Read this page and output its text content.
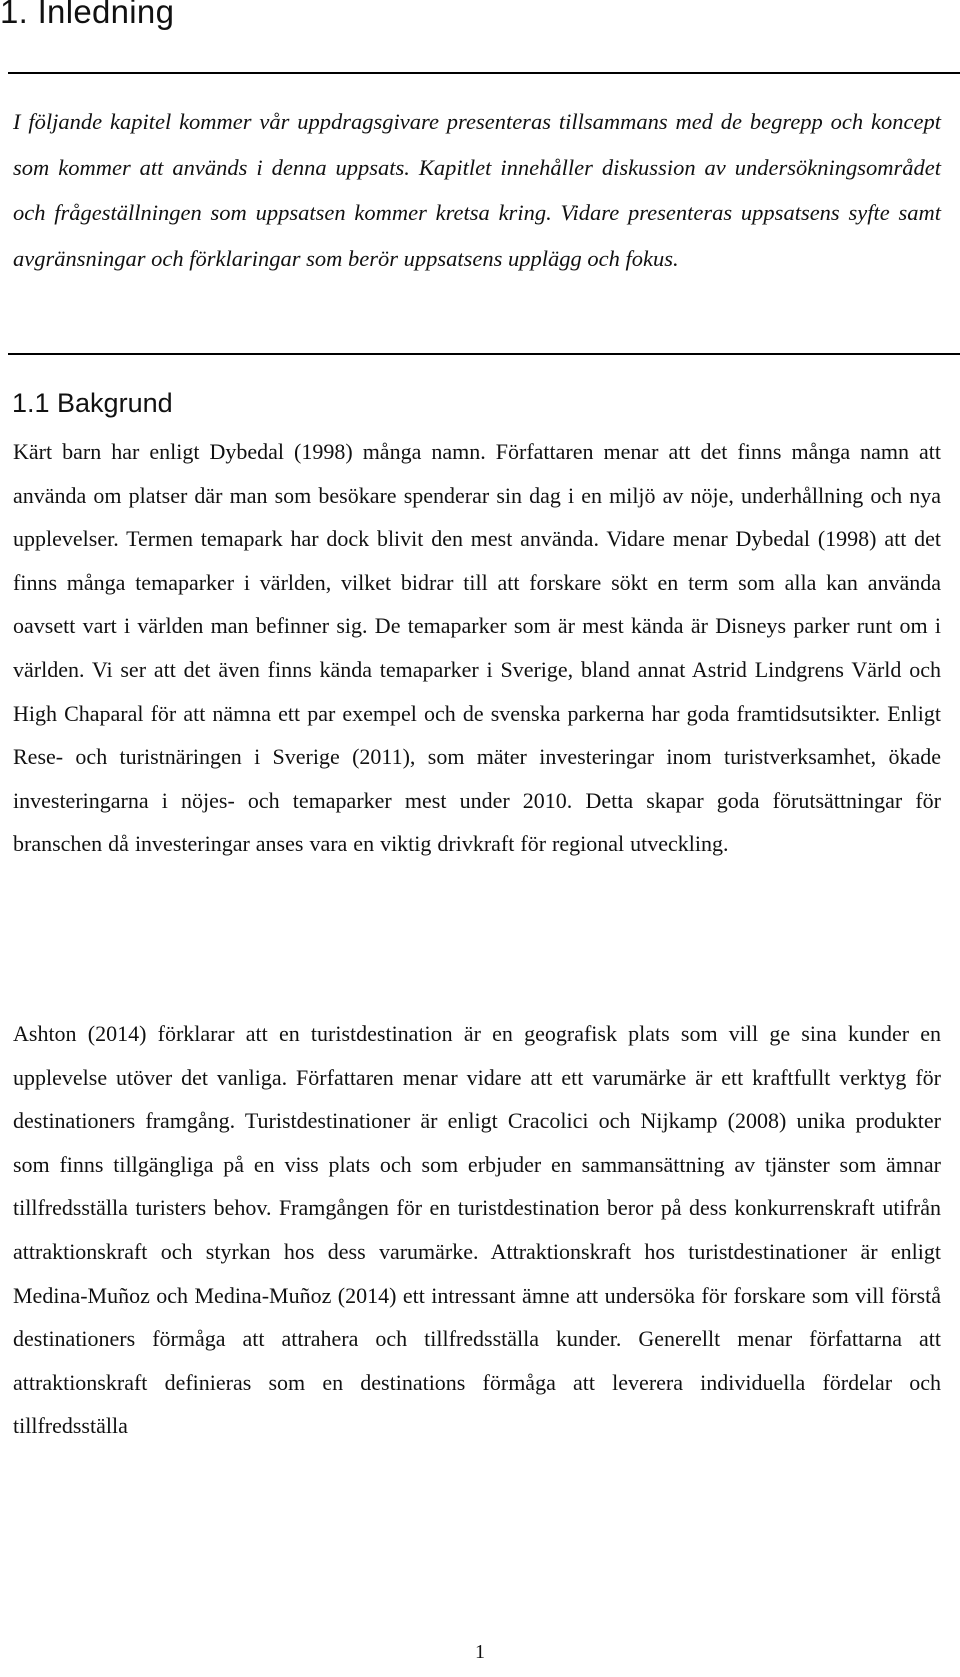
1. Inledning

I följande kapitel kommer vår uppdragsgivare presenteras tillsammans med de begrepp och koncept som kommer att används i denna uppsats. Kapitlet innehåller diskussion av undersökningsområdet och frågeställningen som uppsatsen kommer kretsa kring. Vidare presenteras uppsatsens syfte samt avgränsningar och förklaringar som berör uppsatsens upplägg och fokus.

1.1 Bakgrund

Kärt barn har enligt Dybedal (1998) många namn. Författaren menar att det finns många namn att använda om platser där man som besökare spenderar sin dag i en miljö av nöje, underhållning och nya upplevelser. Termen temapark har dock blivit den mest använda. Vidare menar Dybedal (1998) att det finns många temaparker i världen, vilket bidrar till att forskare sökt en term som alla kan använda oavsett vart i världen man befinner sig. De temaparker som är mest kända är Disneys parker runt om i världen. Vi ser att det även finns kända temaparker i Sverige, bland annat Astrid Lindgrens Värld och High Chaparal för att nämna ett par exempel och de svenska parkerna har goda framtidsutsikter. Enligt Rese- och turistnäringen i Sverige (2011), som mäter investeringar inom turistverksamhet, ökade investeringarna i nöjes- och temaparker mest under 2010. Detta skapar goda förutsättningar för branschen då investeringar anses vara en viktig drivkraft för regional utveckling.

Ashton (2014) förklarar att en turistdestination är en geografisk plats som vill ge sina kunder en upplevelse utöver det vanliga. Författaren menar vidare att ett varumärke är ett kraftfullt verktyg för destinationers framgång. Turistdestinationer är enligt Cracolici och Nijkamp (2008) unika produkter som finns tillgängliga på en viss plats och som erbjuder en sammansättning av tjänster som ämnar tillfredsställa turisters behov. Framgången för en turistdestination beror på dess konkurrenskraft utifrån attraktionskraft och styrkan hos dess varumärke. Attraktionskraft hos turistdestinationer är enligt Medina-Muñoz och Medina-Muñoz (2014) ett intressant ämne att undersöka för forskare som vill förstå destinationers förmåga att attrahera och tillfredsställa kunder. Generellt menar författarna att attraktionskraft definieras som en destinations förmåga att leverera individuella fördelar och tillfredsställa

1
